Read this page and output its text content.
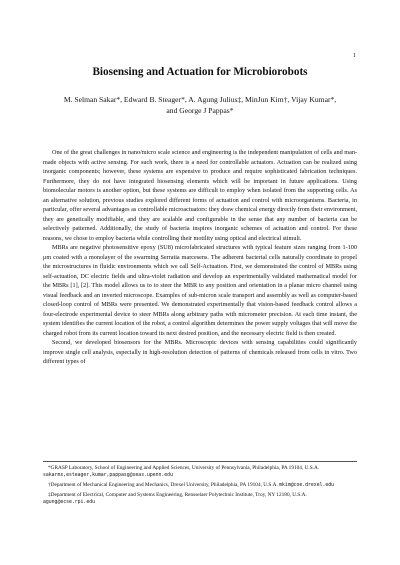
1
Biosensing and Actuation for Microbiorobots

M. Selman Sakar*, Edward B. Steager*, A. Agung Julius‡, MinJun Kim†, Vijay Kumar*, and George J Pappas*

One of the great challenges in nano/micro scale science and engineering is the independent manipulation of cells and man-made objects with active sensing. For such work, there is a need for controllable actuators. Actuation can be realized using inorganic components; however, these systems are expensive to produce and require sophisticated fabrication techniques. Furthermore, they do not have integrated biosensing elements which will be important in future applications. Using biomolecular motors is another option, but these systems are difficult to employ when isolated from the supporting cells. As an alternative solution, previous studies explored different forms of actuation and control with microorganisms. Bacteria, in particular, offer several advantages as controllable microactuators: they draw chemical energy directly from their environment, they are genetically modifiable, and they are scalable and configurable in the sense that any number of bacteria can be selectively patterned. Additionally, the study of bacteria inspires inorganic schemes of actuation and control. For these reasons, we chose to employ bacteria while controlling their motility using optical and electrical stimuli.

MBRs are negative photosensitive epoxy (SU8) microfabricated structures with typical feature sizes ranging from 1-100 μm coated with a monolayer of the swarming Serratia marcesens. The adherent bacterial cells naturally coordinate to propel the microstructures in fluidic environments which we call Self-Actuation. First, we demonstrated the control of MBRs using self-actuation, DC electric fields and ultra-violet radiation and develop an experimentally validated mathematical model for the MBRs [1], [2]. This model allows us to to steer the MBR to any position and orientation in a planar micro channel using visual feedback and an inverted microscope. Examples of sub-micron scale transport and assembly as well as computer-based closed-loop control of MBRs were presented. We demonstrated experimentally that vision-based feedback control allows a four-electrode experimental device to steer MBRs along arbitrary paths with micrometer precision. At each time instant, the system identifies the current location of the robot, a control algorithm determines the power supply voltages that will move the charged robot from its current location toward its next desired position, and the necessary electric field is then created.

Second, we developed biosensors for the MBRs. Microscopic devices with sensing capabilities could significantly improve single cell analysis, especially in high-resolution detection of patterns of chemicals released from cells in vitro. Two different types of

*GRASP Laboratory, School of Engineering and Applied Sciences, University of Pennsylvania, Philadelphia, PA 19104, U.S.A. sakarms,esteager,kumar,pappasg@seas.upenn.edu

†Department of Mechanical Engineering and Mechanics, Drexel University, Philadelphia, PA 19104, U.S.A. mkim@coe.drexel.edu

‡Department of Electrical, Computer and Systems Engineering, Rensselaer Polytechnic Institute, Troy, NY 12180, U.S.A. agung@ecse.rpi.edu
